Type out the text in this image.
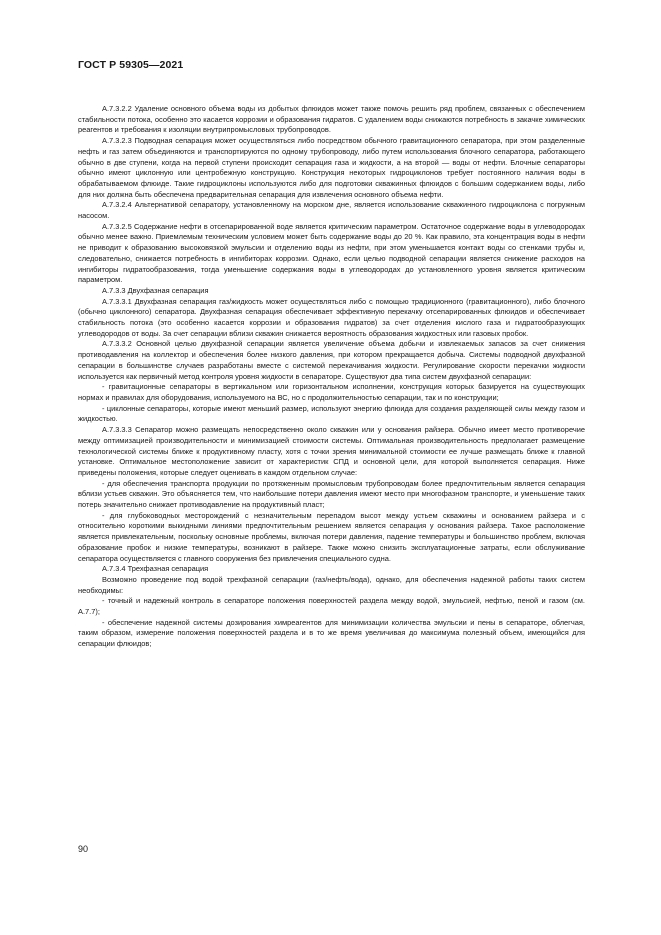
ГОСТ Р 59305—2021

А.7.3.2.2 Удаление основного объема воды из добытых флюидов может также помочь решить ряд проблем, связанных с обеспечением стабильности потока, особенно это касается коррозии и образования гидратов. С удалением воды снижаются потребность в закачке химических реагентов и требования к изоляции внутрипромысловых трубопроводов.

А.7.3.2.3 Подводная сепарация может осуществляться либо посредством обычного гравитационного сепаратора, при этом разделенные нефть и газ затем объединяются и транспортируются по одному трубопроводу, либо путем использования блочного сепаратора, работающего обычно в две ступени, когда на первой ступени происходит сепарация газа и жидкости, а на второй — воды от нефти. Блочные сепараторы обычно имеют циклонную или центробежную конструкцию. Конструкция некоторых гидроциклонов требует постоянного наличия воды в обрабатываемом флюиде. Такие гидроциклоны используются либо для подготовки скважинных флюидов с большим содержанием воды, либо для них должна быть обеспечена предварительная сепарация для извлечения основного объема нефти.

А.7.3.2.4 Альтернативой сепаратору, установленному на морском дне, является использование скважинного гидроциклона с погружным насосом.

А.7.3.2.5 Содержание нефти в отсепарированной воде является критическим параметром. Остаточное содержание воды в углеводородах обычно менее важно. Приемлемым техническим условием может быть содержание воды до 20 %. Как правило, эта концентрация воды в нефти не приводит к образованию высоковязкой эмульсии и отделению воды из нефти, при этом уменьшается контакт воды со стенками трубы и, следовательно, снижается потребность в ингибиторах коррозии. Однако, если целью подводной сепарации является снижение расходов на ингибиторы гидратообразования, тогда уменьшение содержания воды в углеводородах до установленного уровня является критическим параметром.

А.7.3.3 Двухфазная сепарация

А.7.3.3.1 Двухфазная сепарация газ/жидкость может осуществляться либо с помощью традиционного (гравитационного), либо блочного (обычно циклонного) сепаратора. Двухфазная сепарация обеспечивает эффективную перекачку отсепарированных флюидов и обеспечивает стабильность потока (это особенно касается коррозии и образования гидратов) за счет отделения кислого газа и гидратообразующих углеводородов от воды. За счет сепарации вблизи скважин снижается вероятность образования жидкостных или газовых пробок.

А.7.3.3.2 Основной целью двухфазной сепарации является увеличение объема добычи и извлекаемых запасов за счет снижения противодавления на коллектор и обеспечения более низкого давления, при котором прекращается добыча. Системы подводной двухфазной сепарации в большинстве случаев разработаны вместе с системой перекачивания жидкости. Регулирование скорости перекачки жидкости используется как первичный метод контроля уровня жидкости в сепараторе. Существуют два типа систем двухфазной сепарации:

- гравитационные сепараторы в вертикальном или горизонтальном исполнении, конструкция которых базируется на существующих нормах и правилах для оборудования, используемого на ВС, но с продолжительностью сепарации, так и по конструкции;

- циклонные сепараторы, которые имеют меньший размер, используют энергию флюида для создания разделяющей силы между газом и жидкостью.

А.7.3.3.3 Сепаратор можно размещать непосредственно около скважин или у основания райзера. Обычно имеет место противоречие между оптимизацией производительности и минимизацией стоимости системы. Оптимальная производительность предполагает размещение технологической системы ближе к продуктивному пласту, хотя с точки зрения минимальной стоимости ее лучше размещать ближе к главной установке. Оптимальное местоположение зависит от характеристик СПД и основной цели, для которой выполняется сепарация. Ниже приведены положения, которые следует оценивать в каждом отдельном случае:

- для обеспечения транспорта продукции по протяженным промысловым трубопроводам более предпочтительным является сепарация вблизи устьев скважин. Это объясняется тем, что наибольшие потери давления имеют место при многофазном транспорте, и уменьшение таких потерь значительно снижает противодавление на продуктивный пласт;

- для глубоководных месторождений с незначительным перепадом высот между устьем скважины и основанием райзера и с относительно короткими выкидными линиями предпочтительным решением является сепарация у основания райзера. Такое расположение является привлекательным, поскольку основные проблемы, включая потери давления, падение температуры и большинство проблем, включая образование пробок и низкие температуры, возникают в райзере. Также можно снизить эксплуатационные затраты, если обслуживание сепаратора осуществляется с главного сооружения без привлечения специального судна.

А.7.3.4 Трехфазная сепарация

Возможно проведение под водой трехфазной сепарации (газ/нефть/вода), однако, для обеспечения надежной работы таких систем необходимы:

- точный и надежный контроль в сепараторе положения поверхностей раздела между водой, эмульсией, нефтью, пеной и газом (см. А.7.7);

- обеспечение надежной системы дозирования химреагентов для минимизации количества эмульсии и пены в сепараторе, облегчая, таким образом, измерение положения поверхностей раздела и в то же время увеличивая до максимума полезный объем, имеющийся для сепарации флюидов;

90
